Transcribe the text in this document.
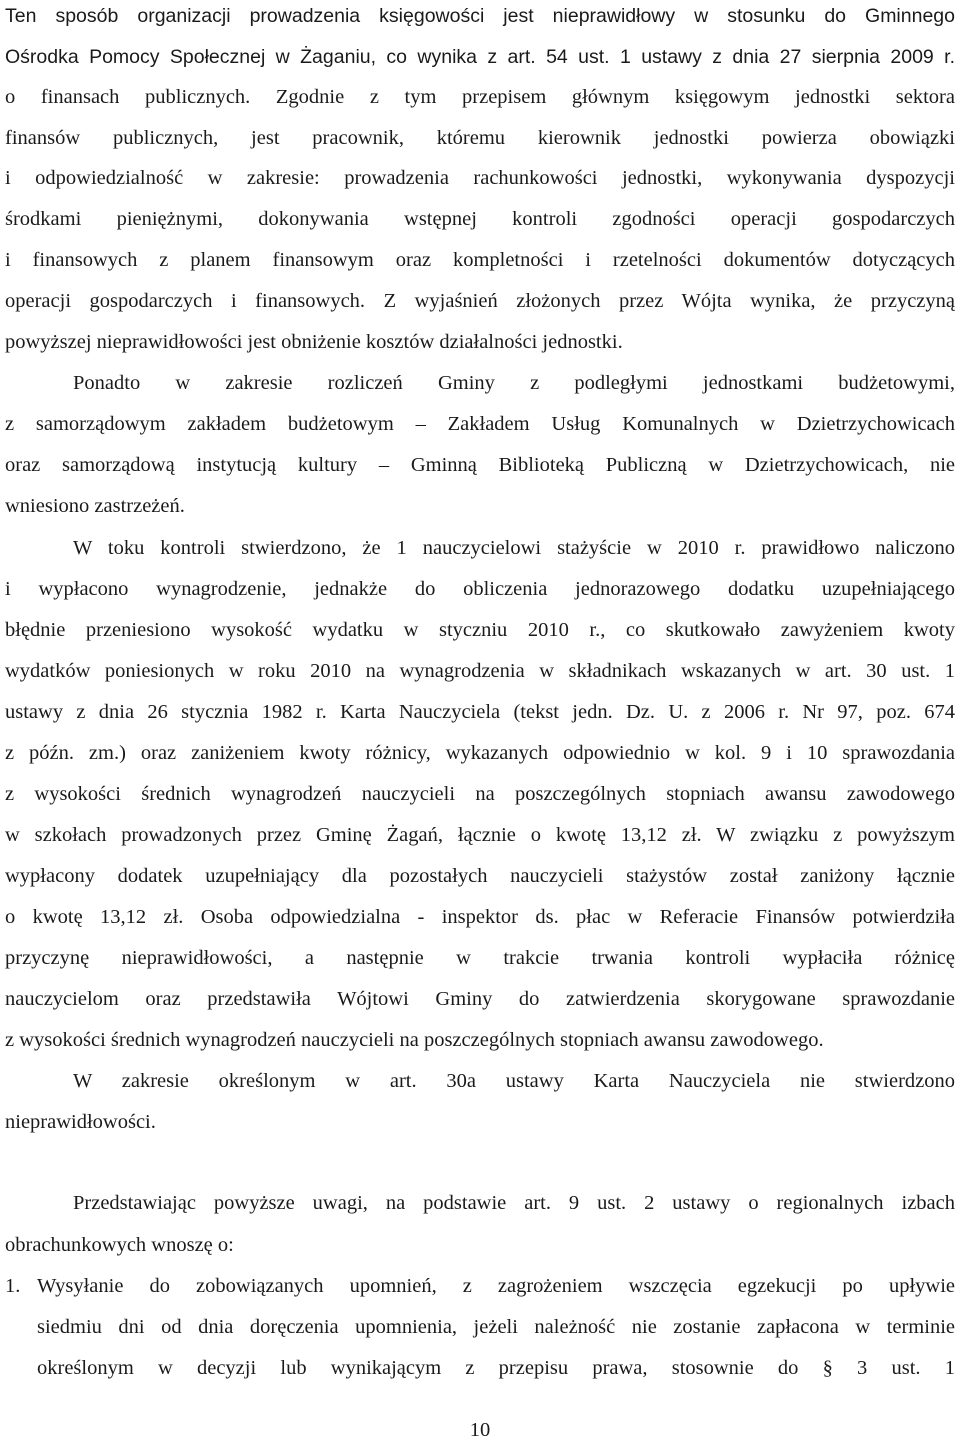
Ten sposób organizacji prowadzenia księgowości jest nieprawidłowy w stosunku do Gminnego
Ośrodka Pomocy Społecznej w Żaganiu, co wynika z art. 54 ust. 1 ustawy z dnia 27 sierpnia 2009 r.
o finansach publicznych. Zgodnie z tym przepisem głównym księgowym jednostki sektora
finansów publicznych, jest pracownik, któremu kierownik jednostki powierza obowiązki
i odpowiedzialność w zakresie: prowadzenia rachunkowości jednostki, wykonywania dyspozycji
środkami pieniężnymi, dokonywania wstępnej kontroli zgodności operacji gospodarczych
i finansowych z planem finansowym oraz kompletności i rzetelności dokumentów dotyczących
operacji gospodarczych i finansowych. Z wyjaśnień złożonych przez Wójta wynika, że przyczyną
powyższej nieprawidłowości jest obniżenie kosztów działalności jednostki.
Ponadto w zakresie rozliczeń Gminy z podległymi jednostkami budżetowymi,
z samorządowym zakładem budżetowym – Zakładem Usług Komunalnych w Dzietrzychowicach
oraz samorządową instytucją kultury – Gminną Biblioteką Publiczną w Dzietrzychowicach, nie
wniesiono zastrzeżeń.
W toku kontroli stwierdzono, że 1 nauczycielowi stażyście w 2010 r. prawidłowo naliczono
i wypłacono wynagrodzenie, jednakże do obliczenia jednorazowego dodatku uzupełniającego
błędnie przeniesiono wysokość wydatku w styczniu 2010 r., co skutkowało zawyżeniem kwoty
wydatków poniesionych w roku 2010 na wynagrodzenia w składnikach wskazanych w art. 30 ust. 1
ustawy z dnia 26 stycznia 1982 r. Karta Nauczyciela (tekst jedn. Dz. U. z 2006 r. Nr 97, poz. 674
z późn. zm.) oraz zaniżeniem kwoty różnicy, wykazanych odpowiednio w kol. 9 i 10 sprawozdania
z wysokości średnich wynagrodzeń nauczycieli na poszczególnych stopniach awansu zawodowego
w szkołach prowadzonych przez Gminę Żagań, łącznie o kwotę 13,12 zł. W związku z powyższym
wypłacony dodatek uzupełniający dla pozostałych nauczycieli stażystów został zaniżony łącznie
o kwotę 13,12 zł. Osoba odpowiedzialna - inspektor ds. płac w Referacie Finansów potwierdziła
przyczynę nieprawidłowości, a następnie w trakcie trwania kontroli wypłaciła różnicę
nauczycielom oraz przedstawiła Wójtowi Gminy do zatwierdzenia skorygowane sprawozdanie
z wysokości średnich wynagrodzeń nauczycieli na poszczególnych stopniach awansu zawodowego.
W zakresie określonym w art. 30a ustawy Karta Nauczyciela nie stwierdzono
nieprawidłowości.
Przedstawiając powyższe uwagi, na podstawie art. 9 ust. 2 ustawy o regionalnych izbach
obrachunkowych wnoszę o:
1. Wysyłanie do zobowiązanych upomnień, z zagrożeniem wszczęcia egzekucji po upływie
siedmiu dni od dnia doręczenia upomnienia, jeżeli należność nie zostanie zapłacona w terminie
określonym w decyzji lub wynikającym z przepisu prawa, stosownie do § 3 ust. 1
10
